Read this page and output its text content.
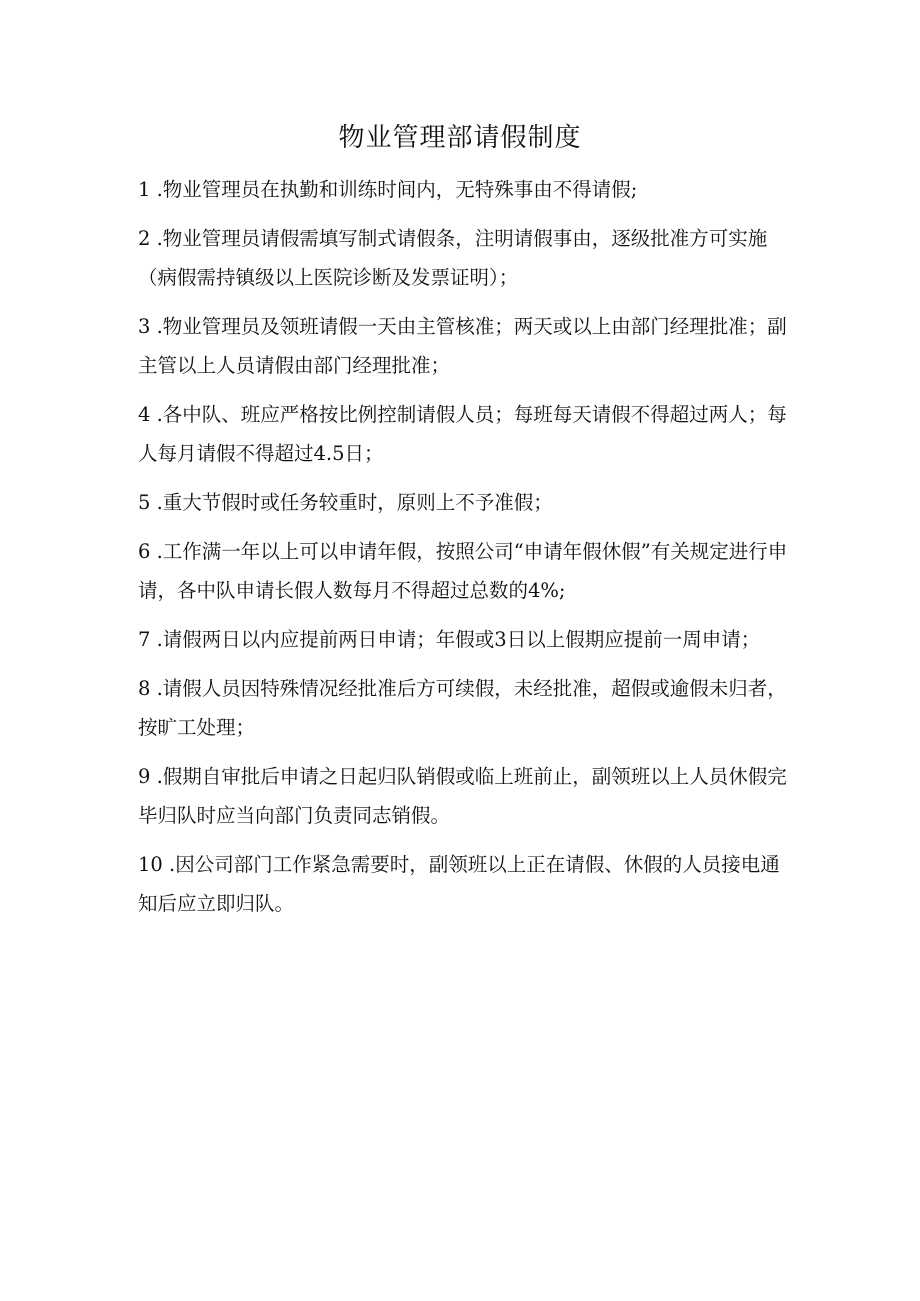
物业管理部请假制度

1 .物业管理员在执勤和训练时间内，无特殊事由不得请假;

2 .物业管理员请假需填写制式请假条，注明请假事由，逐级批准方可实施（病假需持镇级以上医院诊断及发票证明）；

3 .物业管理员及领班请假一天由主管核准；两天或以上由部门经理批准；副主管以上人员请假由部门经理批准；

4 .各中队、班应严格按比例控制请假人员；每班每天请假不得超过两人；每人每月请假不得超过4.5日；

5 .重大节假时或任务较重时，原则上不予准假；

6 .工作满一年以上可以申请年假，按照公司“申请年假休假”有关规定进行申请，各中队申请长假人数每月不得超过总数的4%;

7 .请假两日以内应提前两日申请；年假或3日以上假期应提前一周申请；

8 .请假人员因特殊情况经批准后方可续假，未经批准，超假或逾假未归者，按旷工处理；

9 .假期自审批后申请之日起归队销假或临上班前止，副领班以上人员休假完毕归队时应当向部门负责同志销假。

10 .因公司部门工作紧急需要时，副领班以上正在请假、休假的人员接电通知后应立即归队。
